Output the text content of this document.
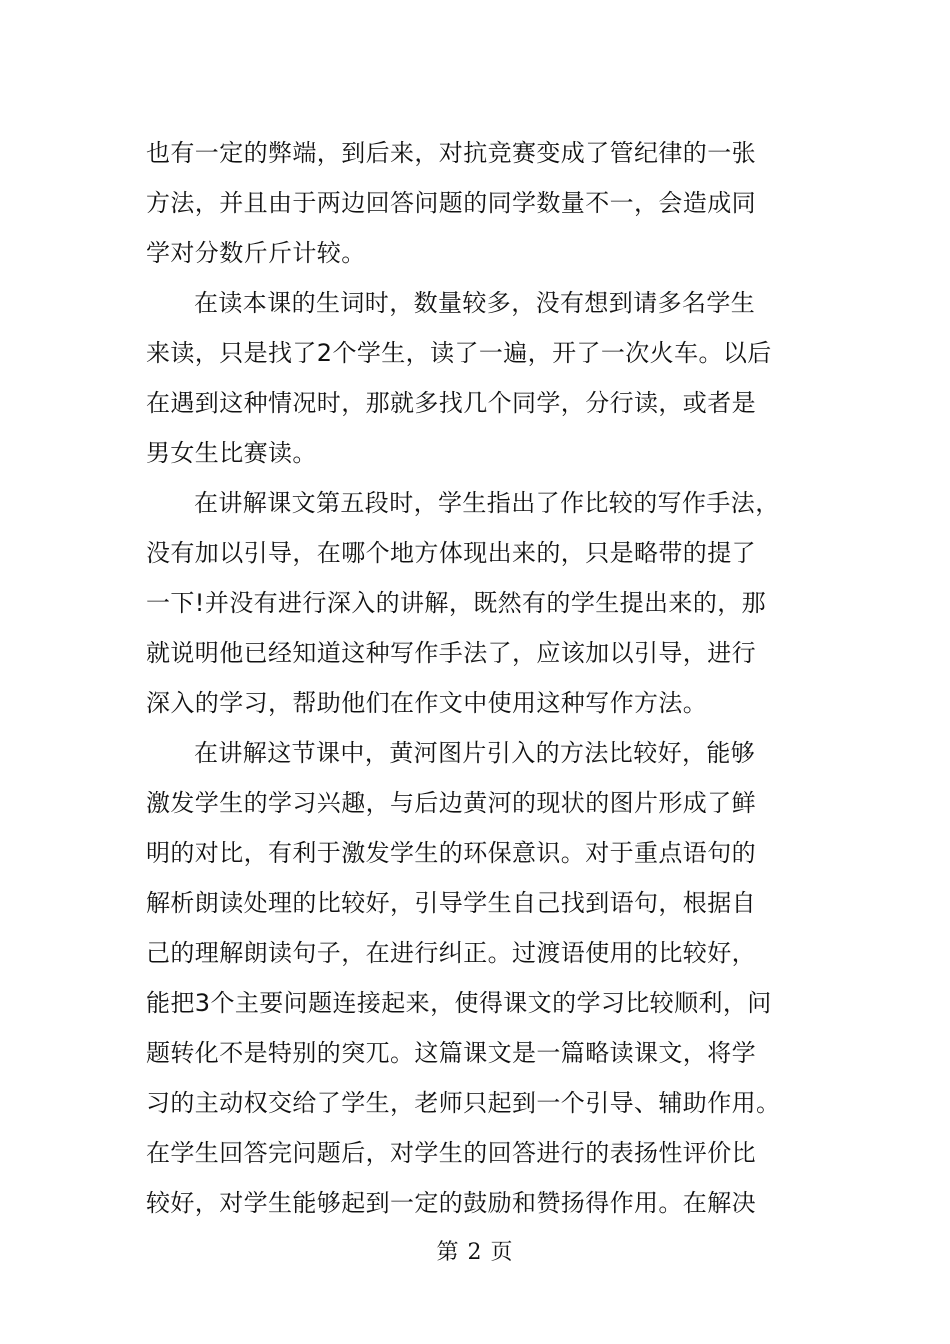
也有一定的弊端，到后来，对抗竞赛变成了管纪律的一张
方法，并且由于两边回答问题的同学数量不一，会造成同
学对分数斤斤计较。
在读本课的生词时，数量较多，没有想到请多名学生
来读，只是找了2个学生，读了一遍，开了一次火车。以后
在遇到这种情况时，那就多找几个同学，分行读，或者是
男女生比赛读。
在讲解课文第五段时，学生指出了作比较的写作手法，
没有加以引导，在哪个地方体现出来的，只是略带的提了
一下!并没有进行深入的讲解，既然有的学生提出来的，那
就说明他已经知道这种写作手法了，应该加以引导，进行
深入的学习，帮助他们在作文中使用这种写作方法。
在讲解这节课中，黄河图片引入的方法比较好，能够
激发学生的学习兴趣，与后边黄河的现状的图片形成了鲜
明的对比，有利于激发学生的环保意识。对于重点语句的
解析朗读处理的比较好，引导学生自己找到语句，根据自
己的理解朗读句子，在进行纠正。过渡语使用的比较好，
能把3个主要问题连接起来，使得课文的学习比较顺利，问
题转化不是特别的突兀。这篇课文是一篇略读课文，将学
习的主动权交给了学生，老师只起到一个引导、辅助作用。
在学生回答完问题后，对学生的回答进行的表扬性评价比
较好，对学生能够起到一定的鼓励和赞扬得作用。在解决
第 2 页
